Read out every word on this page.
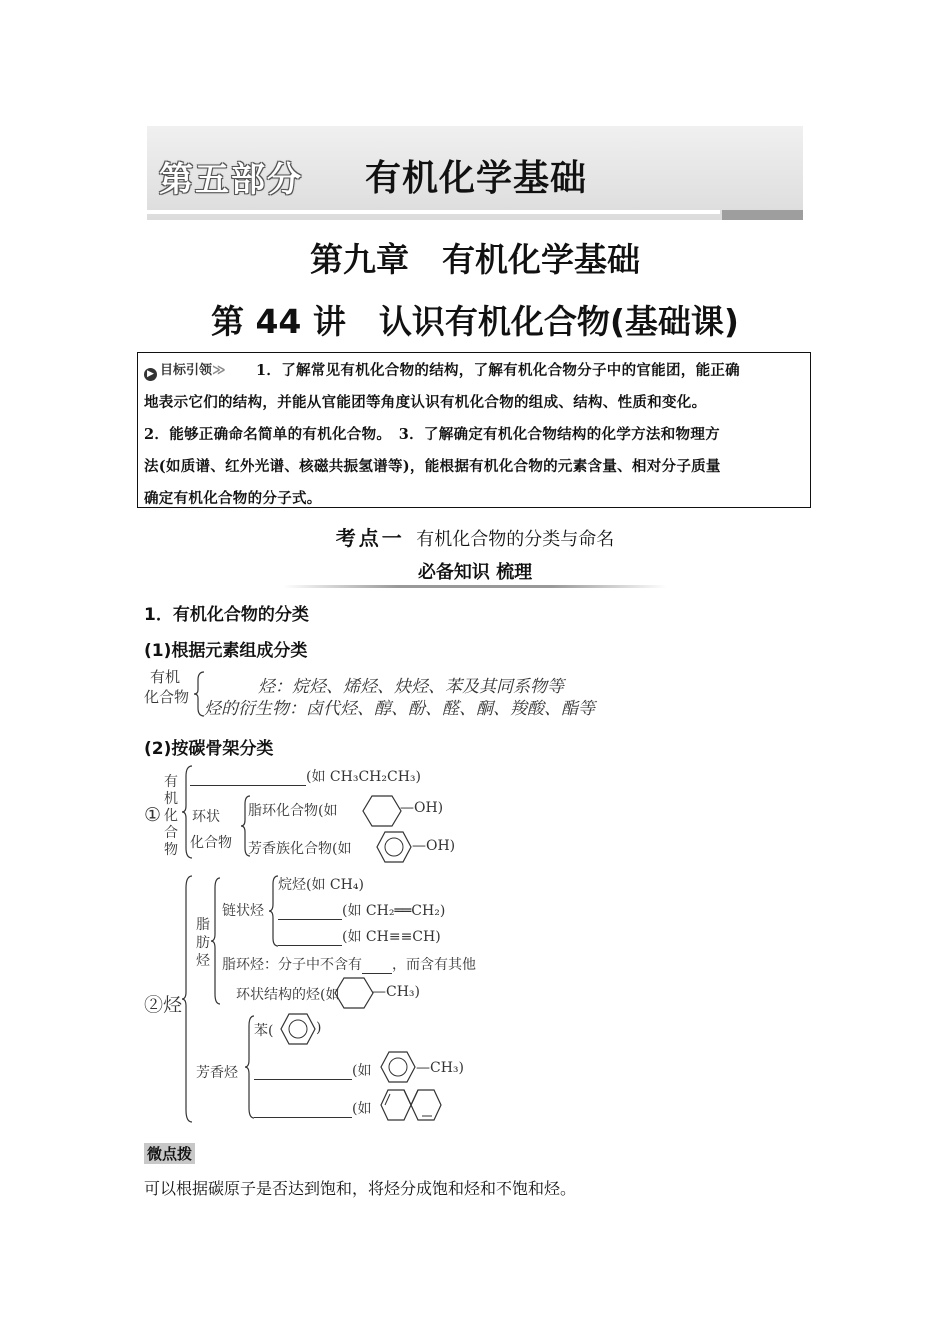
第五部分 有机化学基础
第九章　有机化学基础
第 44 讲　认识有机化合物(基础课)
▶ 目标引领≫ 1．了解常见有机化合物的结构，了解有机化合物分子中的官能团，能正确
地表示它们的结构，并能从官能团等角度认识有机化合物的组成、结构、性质和变化。
2．能够正确命名简单的有机化合物。　3．了解确定有机化合物结构的化学方法和物理方
法(如质谱、红外光谱、核磁共振氢谱等)，能根据有机化合物的元素含量、相对分子质量
确定有机化合物的分子式。
考点一 有机化合物的分类与命名
必备知识 梳理
1．有机化合物的分类
(1)根据元素组成分类
有机
化合物
烃：烷烃、烯烃、炔烃、苯及其同系物等
烃的衍生物：卤代烃、醇、酚、醛、酮、羧酸、酯等
(2)按碳骨架分类
①
有
机
化
合
物
(如 CH₃CH₂CH₃)
环状
化合物
脂环化合物(如	—OH)
芳香族化合物(如	—OH)
②烃
脂
肪
烃
链状烃
烷烃(如 CH₄)
(如 CH₂══CH₂)
(如 CH≡≡CH)
脂环烃：分子中不含有 ，而含有其他
环状结构的烃(如 —CH₃)
芳香烃
苯(	)
(如	—CH₃)
(如
微点拨
可以根据碳原子是否达到饱和，将烃分成饱和烃和不饱和烃。
